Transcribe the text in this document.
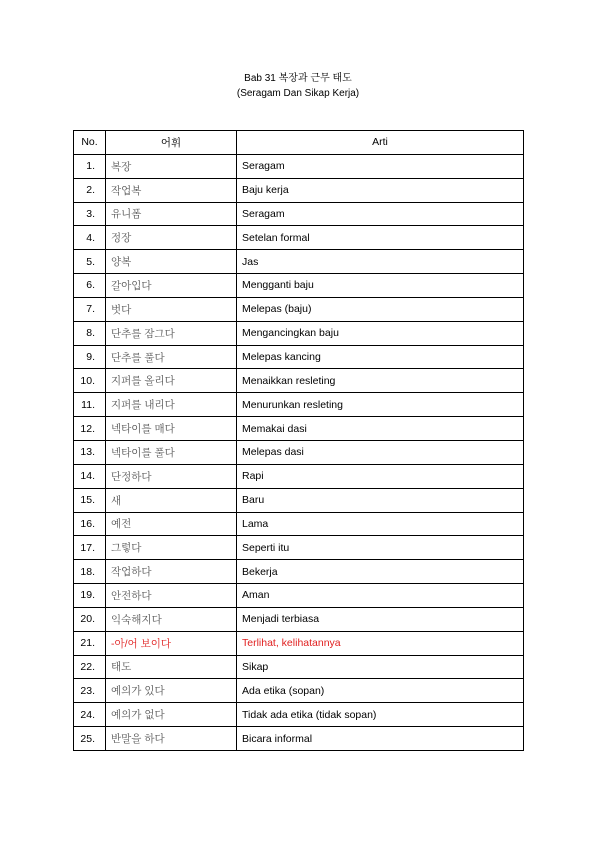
Bab 31 복장과 근무 태도
(Seragam Dan Sikap Kerja)
No.	어휘	Arti
1.	복장	Seragam
2.	작업복	Baju kerja
3.	유니폼	Seragam
4.	정장	Setelan formal
5.	양복	Jas
6.	갈아입다	Mengganti baju
7.	벗다	Melepas (baju)
8.	단추를 잠그다	Mengancingkan baju
9.	단추를 풀다	Melepas kancing
10.	지퍼를 올리다	Menaikkan resleting
11.	지퍼를 내리다	Menurunkan resleting
12.	넥타이를 매다	Memakai dasi
13.	넥타이를 풀다	Melepas dasi
14.	단정하다	Rapi
15.	새	Baru
16.	예전	Lama
17.	그렇다	Seperti itu
18.	작업하다	Bekerja
19.	안전하다	Aman
20.	익숙해지다	Menjadi terbiasa
21.	-아/어 보이다	Terlihat, kelihatannya
22.	태도	Sikap
23.	예의가 있다	Ada etika (sopan)
24.	예의가 없다	Tidak ada etika (tidak sopan)
25.	반말을 하다	Bicara informal
